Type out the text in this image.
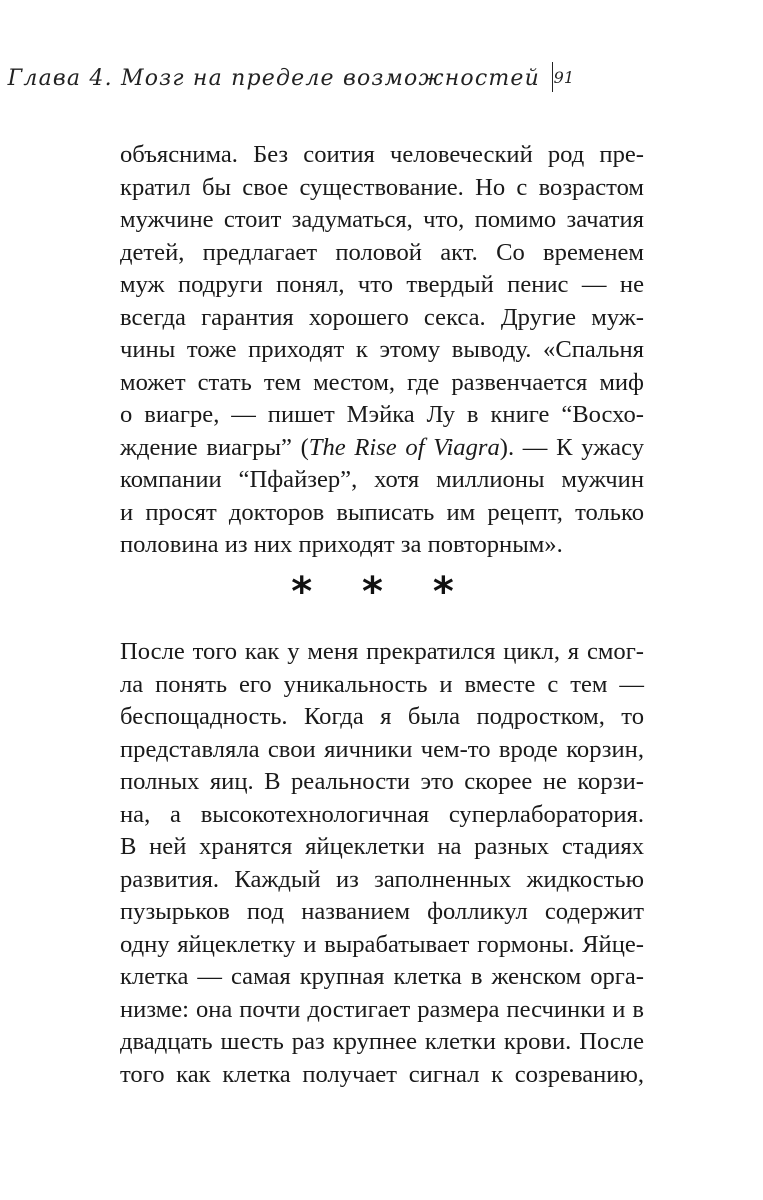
Глава 4. Мозг на пределе возможностей 91
объяснима. Без соития человеческий род пре-
кратил бы свое существование. Но с возрастом
мужчине стоит задуматься, что, помимо зачатия
детей, предлагает половой акт. Со временем
муж подруги понял, что твердый пенис — не
всегда гарантия хорошего секса. Другие муж-
чины тоже приходят к этому выводу. «Спальня
может стать тем местом, где развенчается миф
о виагре, — пишет Мэйка Лу в книге “Восхо-
ждение виагры” (The Rise of Viagra). — К ужасу
компании “Пфайзер”, хотя миллионы мужчин
и просят докторов выписать им рецепт, только
половина из них приходят за повторным».
* * *
После того как у меня прекратился цикл, я смог-
ла понять его уникальность и вместе с тем —
беспощадность. Когда я была подростком, то
представляла свои яичники чем-то вроде корзин,
полных яиц. В реальности это скорее не корзи-
на, а высокотехнологичная суперлаборатория.
В ней хранятся яйцеклетки на разных стадиях
развития. Каждый из заполненных жидкостью
пузырьков под названием фолликул содержит
одну яйцеклетку и вырабатывает гормоны. Яйце-
клетка — самая крупная клетка в женском орга-
низме: она почти достигает размера песчинки и в
двадцать шесть раз крупнее клетки крови. После
того как клетка получает сигнал к созреванию,
